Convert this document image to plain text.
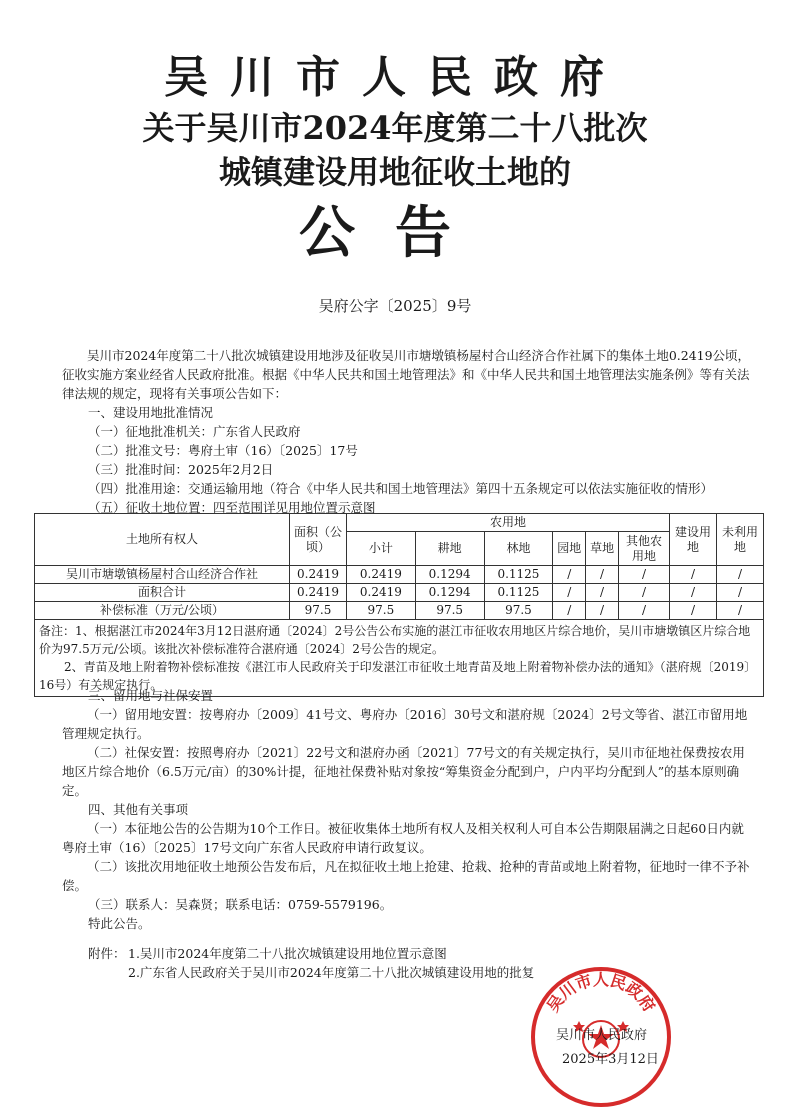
吴川市人民政府
关于吴川市2024年度第二十八批次
城镇建设用地征收土地的
公告
吴府公字〔2025〕9号
吴川市2024年度第二十八批次城镇建设用地涉及征收吴川市塘墩镇杨屋村合山经济合作社属下的集体土地0.2419公顷，征收实施方案业经省人民政府批准。根据《中华人民共和国土地管理法》和《中华人民共和国土地管理法实施条例》等有关法律法规的规定，现将有关事项公告如下：
一、建设用地批准情况
（一）征地批准机关：广东省人民政府
（二）批准文号：粤府土审（16）〔2025〕17号
（三）批准时间：2025年2月2日
（四）批准用途：交通运输用地（符合《中华人民共和国土地管理法》第四十五条规定可以依法实施征收的情形）
（五）征收土地位置：四至范围详见用地位置示意图
土地所有权人	面积（公顷）	农用地						建设用地	未利用地
		小计	耕地	林地	园地	草地	其他农用地		
吴川市塘墩镇杨屋村合山经济合作社	0.2419	0.2419	0.1294	0.1125	/	/	/	/	/
面积合计	0.2419	0.2419	0.1294	0.1125	/	/	/	/	/
补偿标准（万元/公顷）	97.5	97.5	97.5	97.5	/	/	/	/	/

备注：1、根据湛江市2024年3月12日湛府通〔2024〕2号公告公布实施的湛江市征收农用地区片综合地价，吴川市塘墩镇区片综合地价为97.5万元/公顷。该批次补偿标准符合湛府通〔2024〕2号公告的规定。
2、青苗及地上附着物补偿标准按《湛江市人民政府关于印发湛江市征收土地青苗及地上附着物补偿办法的通知》（湛府规〔2019〕16号）有关规定执行。									
三、留用地与社保安置
（一）留用地安置：按粤府办〔2009〕41号文、粤府办〔2016〕30号文和湛府规〔2024〕2号文等省、湛江市留用地管理规定执行。
（二）社保安置：按照粤府办〔2021〕22号文和湛府办函〔2021〕77号文的有关规定执行，吴川市征地社保费按农用地区片综合地价（6.5万元/亩）的30%计提，征地社保费补贴对象按“筹集资金分配到户，户内平均分配到人”的基本原则确定。
四、其他有关事项
（一）本征地公告的公告期为10个工作日。被征收集体土地所有权人及相关权利人可自本公告期限届满之日起60日内就粤府土审（16）〔2025〕17号文向广东省人民政府申请行政复议。
（二）该批次用地征收土地预公告发布后，凡在拟征收土地上抢建、抢栽、抢种的青苗或地上附着物，征地时一律不予补偿。
（三）联系人：吴森贤；联系电话：0759-5579196。
特此公告。
附件： 1.吴川市2024年度第二十八批次城镇建设用地位置示意图
2.广东省人民政府关于吴川市2024年度第二十八批次城镇建设用地的批复
吴川市人民政府
吴川市人民政府
2025年3月12日
